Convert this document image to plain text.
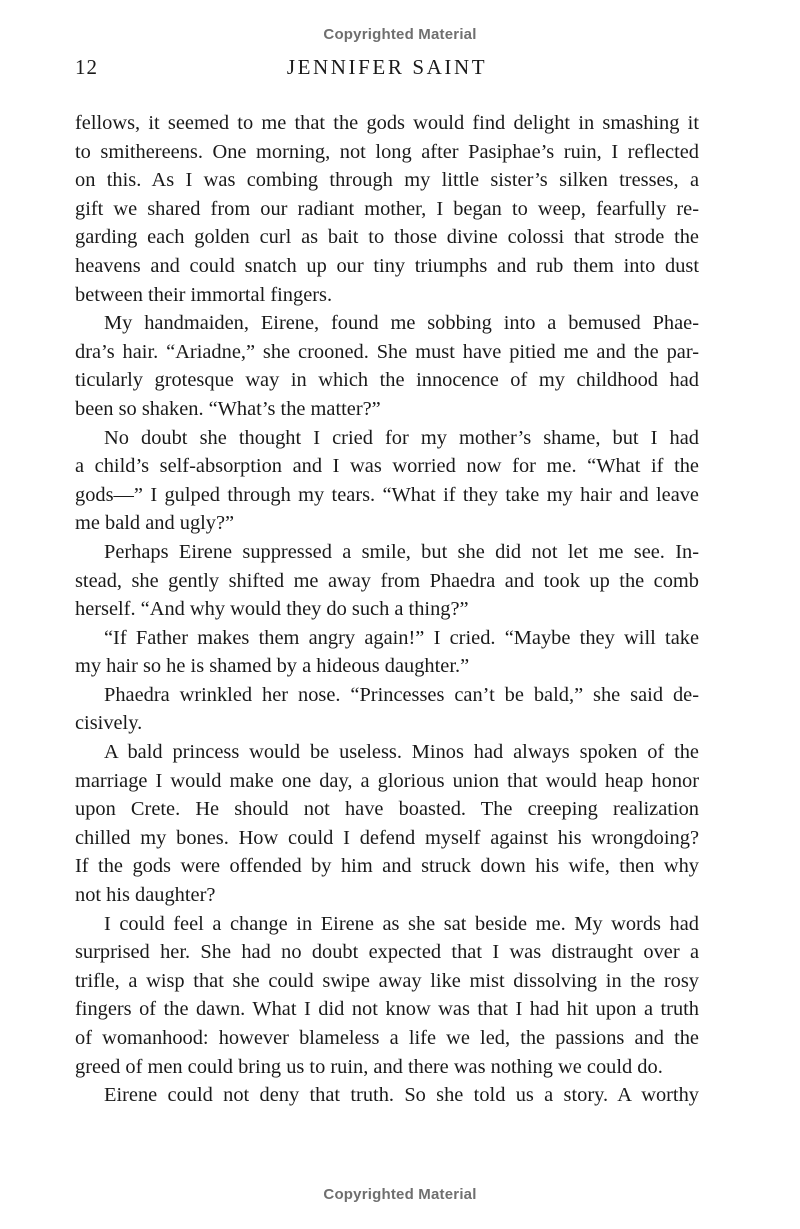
Copyrighted Material
12	JENNIFER SAINT

fellows, it seemed to me that the gods would find delight in smashing it
to smithereens. One morning, not long after Pasiphae’s ruin, I reflected
on this. As I was combing through my little sister’s silken tresses, a
gift we shared from our radiant mother, I began to weep, fearfully re-
garding each golden curl as bait to those divine colossi that strode the
heavens and could snatch up our tiny triumphs and rub them into dust
between their immortal fingers.

My handmaiden, Eirene, found me sobbing into a bemused Phae-
dra’s hair. “Ariadne,” she crooned. She must have pitied me and the par-
ticularly grotesque way in which the innocence of my childhood had
been so shaken. “What’s the matter?”

No doubt she thought I cried for my mother’s shame, but I had
a child’s self-absorption and I was worried now for me. “What if the
gods—” I gulped through my tears. “What if they take my hair and leave
me bald and ugly?”

Perhaps Eirene suppressed a smile, but she did not let me see. In-
stead, she gently shifted me away from Phaedra and took up the comb
herself. “And why would they do such a thing?”

“If Father makes them angry again!” I cried. “Maybe they will take
my hair so he is shamed by a hideous daughter.”

Phaedra wrinkled her nose. “Princesses can’t be bald,” she said de-
cisively.

A bald princess would be useless. Minos had always spoken of the
marriage I would make one day, a glorious union that would heap honor
upon Crete. He should not have boasted. The creeping realization
chilled my bones. How could I defend myself against his wrongdoing?
If the gods were offended by him and struck down his wife, then why
not his daughter?

I could feel a change in Eirene as she sat beside me. My words had
surprised her. She had no doubt expected that I was distraught over a
trifle, a wisp that she could swipe away like mist dissolving in the rosy
fingers of the dawn. What I did not know was that I had hit upon a truth
of womanhood: however blameless a life we led, the passions and the
greed of men could bring us to ruin, and there was nothing we could do.

Eirene could not deny that truth. So she told us a story. A worthy

Copyrighted Material
